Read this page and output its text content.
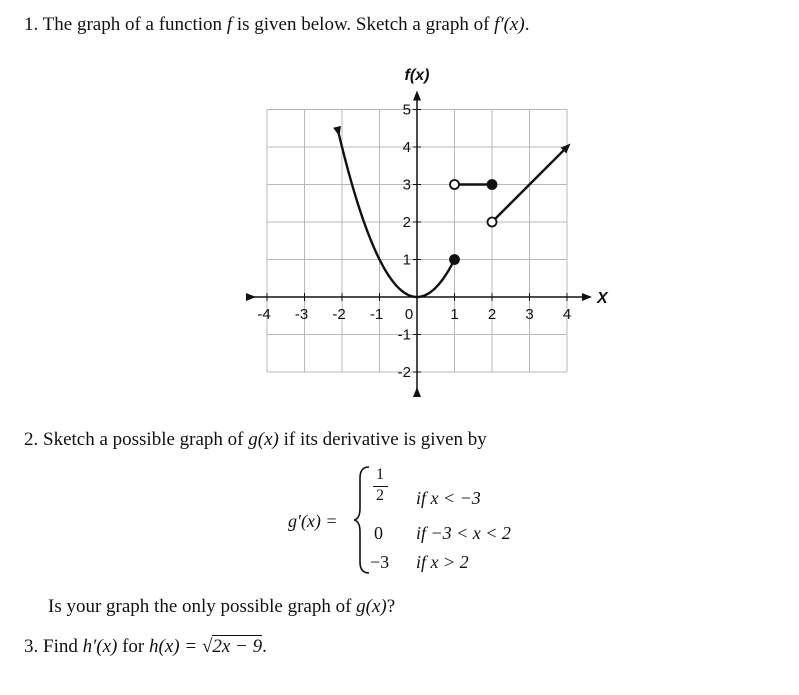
1. The graph of a function f is given below. Sketch a graph of f′(x).
-4 -3 -2 -1 0 1 2 3 4
5
4
3
2
1
-1
-2
f(x)
X
2. Sketch a possible graph of g(x) if its derivative is given by
g′(x) =
1
2 if x < −3
0 if −3 < x < 2
−3 if x > 2
Is your graph the only possible graph of g(x)?
3. Find h′(x) for h(x) = √2x − 9.
